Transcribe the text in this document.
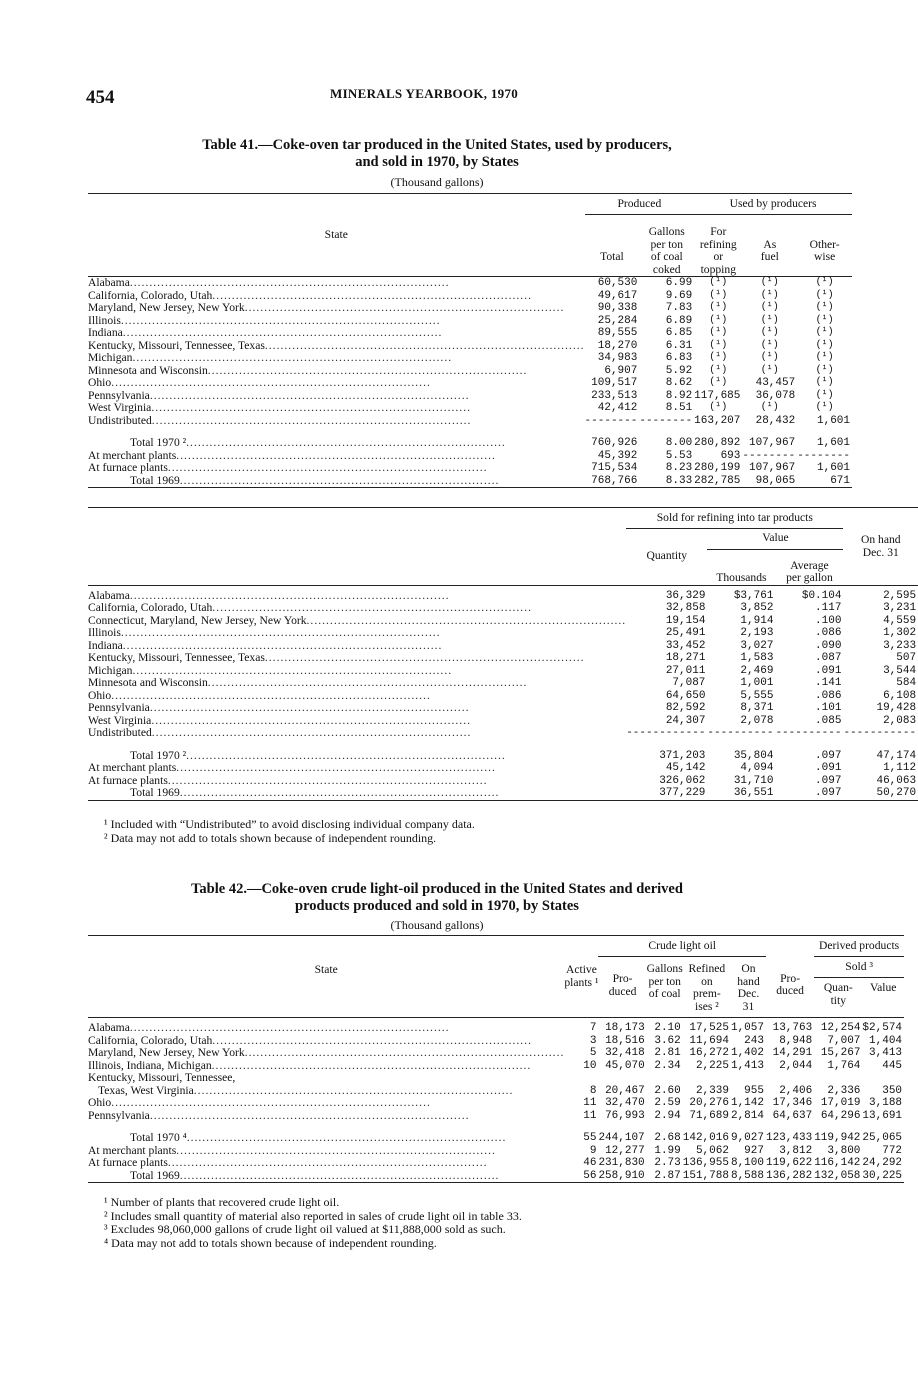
454	MINERALS YEARBOOK, 1970
Table 41.—Coke-oven tar produced in the United States, used by producers,
and sold in 1970, by States
(Thousand gallons)
State	Produced		Used by producers		
	Total	Gallons
per ton
of coal
coked	For
refining
or
topping	As
fuel	Other-
wise

Alabama..................................................................................	60,530	6.99	(¹)	(¹)	(¹)
California, Colorado, Utah..................................................................................	49,617	9.69	(¹)	(¹)	(¹)
Maryland, New Jersey, New York..................................................................................	90,338	7.83	(¹)	(¹)	(¹)
Illinois..................................................................................	25,284	6.89	(¹)	(¹)	(¹)
Indiana..................................................................................	89,555	6.85	(¹)	(¹)	(¹)
Kentucky, Missouri, Tennessee, Texas..................................................................................	18,270	6.31	(¹)	(¹)	(¹)
Michigan..................................................................................	34,983	6.83	(¹)	(¹)	(¹)
Minnesota and Wisconsin..................................................................................	6,907	5.92	(¹)	(¹)	(¹)
Ohio..................................................................................	109,517	8.62	(¹)	43,457	(¹)
Pennsylvania..................................................................................	233,513	8.92	117,685	36,078	(¹)
West Virginia..................................................................................	42,412	8.51	(¹)	(¹)	(¹)
Undistributed..................................................................................	--------	--------	163,207	28,432	1,601

Total 1970 ²..................................................................................	760,926	8.00	280,892	107,967	1,601
At merchant plants..................................................................................	45,392	5.53	693	--------	--------
At furnace plants..................................................................................	715,534	8.23	280,199	107,967	1,601
Total 1969..................................................................................	768,766	8.33	282,785	98,065	671
	Sold for refining into tar products			On hand
Dec. 31
	Quantity	Value		
		Thousands	Average
per gallon	

Alabama..................................................................................	36,329	$3,761	$0.104	2,595
California, Colorado, Utah..................................................................................	32,858	3,852	.117	3,231
Connecticut, Maryland, New Jersey, New York..................................................................................	19,154	1,914	.100	4,559
Illinois..................................................................................	25,491	2,193	.086	1,302
Indiana..................................................................................	33,452	3,027	.090	3,233
Kentucky, Missouri, Tennessee, Texas..................................................................................	18,271	1,583	.087	507
Michigan..................................................................................	27,011	2,469	.091	3,544
Minnesota and Wisconsin..................................................................................	7,087	1,001	.141	584
Ohio..................................................................................	64,650	5,555	.086	6,108
Pennsylvania..................................................................................	82,592	8,371	.101	19,428
West Virginia..................................................................................	24,307	2,078	.085	2,083
Undistributed..................................................................................	------------	----------	----------	-----------

Total 1970 ²..................................................................................	371,203	35,804	.097	47,174
At merchant plants..................................................................................	45,142	4,094	.091	1,112
At furnace plants..................................................................................	326,062	31,710	.097	46,063
Total 1969..................................................................................	377,229	36,551	.097	50,270
¹ Included with “Undistributed” to avoid disclosing individual company data.
² Data may not add to totals shown because of independent rounding.
Table 42.—Coke-oven crude light-oil produced in the United States and derived
products produced and sold in 1970, by States
(Thousand gallons)
State	Active
plants ¹	Crude light oil					Derived products	
		Pro-
duced	Gallons
per ton
of coal	Refined
on
prem-
ises ²	On
hand
Dec.
31	Pro-
duced	Sold ³	
							Quan-
tity	Value

Alabama..................................................................................	7	18,173	2.10	17,525	1,057	13,763	12,254	$2,574
California, Colorado, Utah..................................................................................	3	18,516	3.62	11,694	243	8,948	7,007	1,404
Maryland, New Jersey, New York..................................................................................	5	32,418	2.81	16,272	1,402	14,291	15,267	3,413
Illinois, Indiana, Michigan..................................................................................	10	45,070	2.34	2,225	1,413	2,044	1,764	445
Kentucky, Missouri, Tennessee,
Texas, West Virginia..................................................................................	8	20,467	2.60	2,339	955	2,406	2,336	350
Ohio..................................................................................	11	32,470	2.59	20,276	1,142	17,346	17,019	3,188
Pennsylvania..................................................................................	11	76,993	2.94	71,689	2,814	64,637	64,296	13,691

Total 1970 ⁴..................................................................................	55	244,107	2.68	142,016	9,027	123,433	119,942	25,065
At merchant plants..................................................................................	9	12,277	1.99	5,062	927	3,812	3,800	772
At furnace plants..................................................................................	46	231,830	2.73	136,955	8,100	119,622	116,142	24,292
Total 1969..................................................................................	56	258,910	2.87	151,788	8,588	136,282	132,058	30,225
¹ Number of plants that recovered crude light oil.
² Includes small quantity of material also reported in sales of crude light oil in table 33.
³ Excludes 98,060,000 gallons of crude light oil valued at $11,888,000 sold as such.
⁴ Data may not add to totals shown because of independent rounding.
